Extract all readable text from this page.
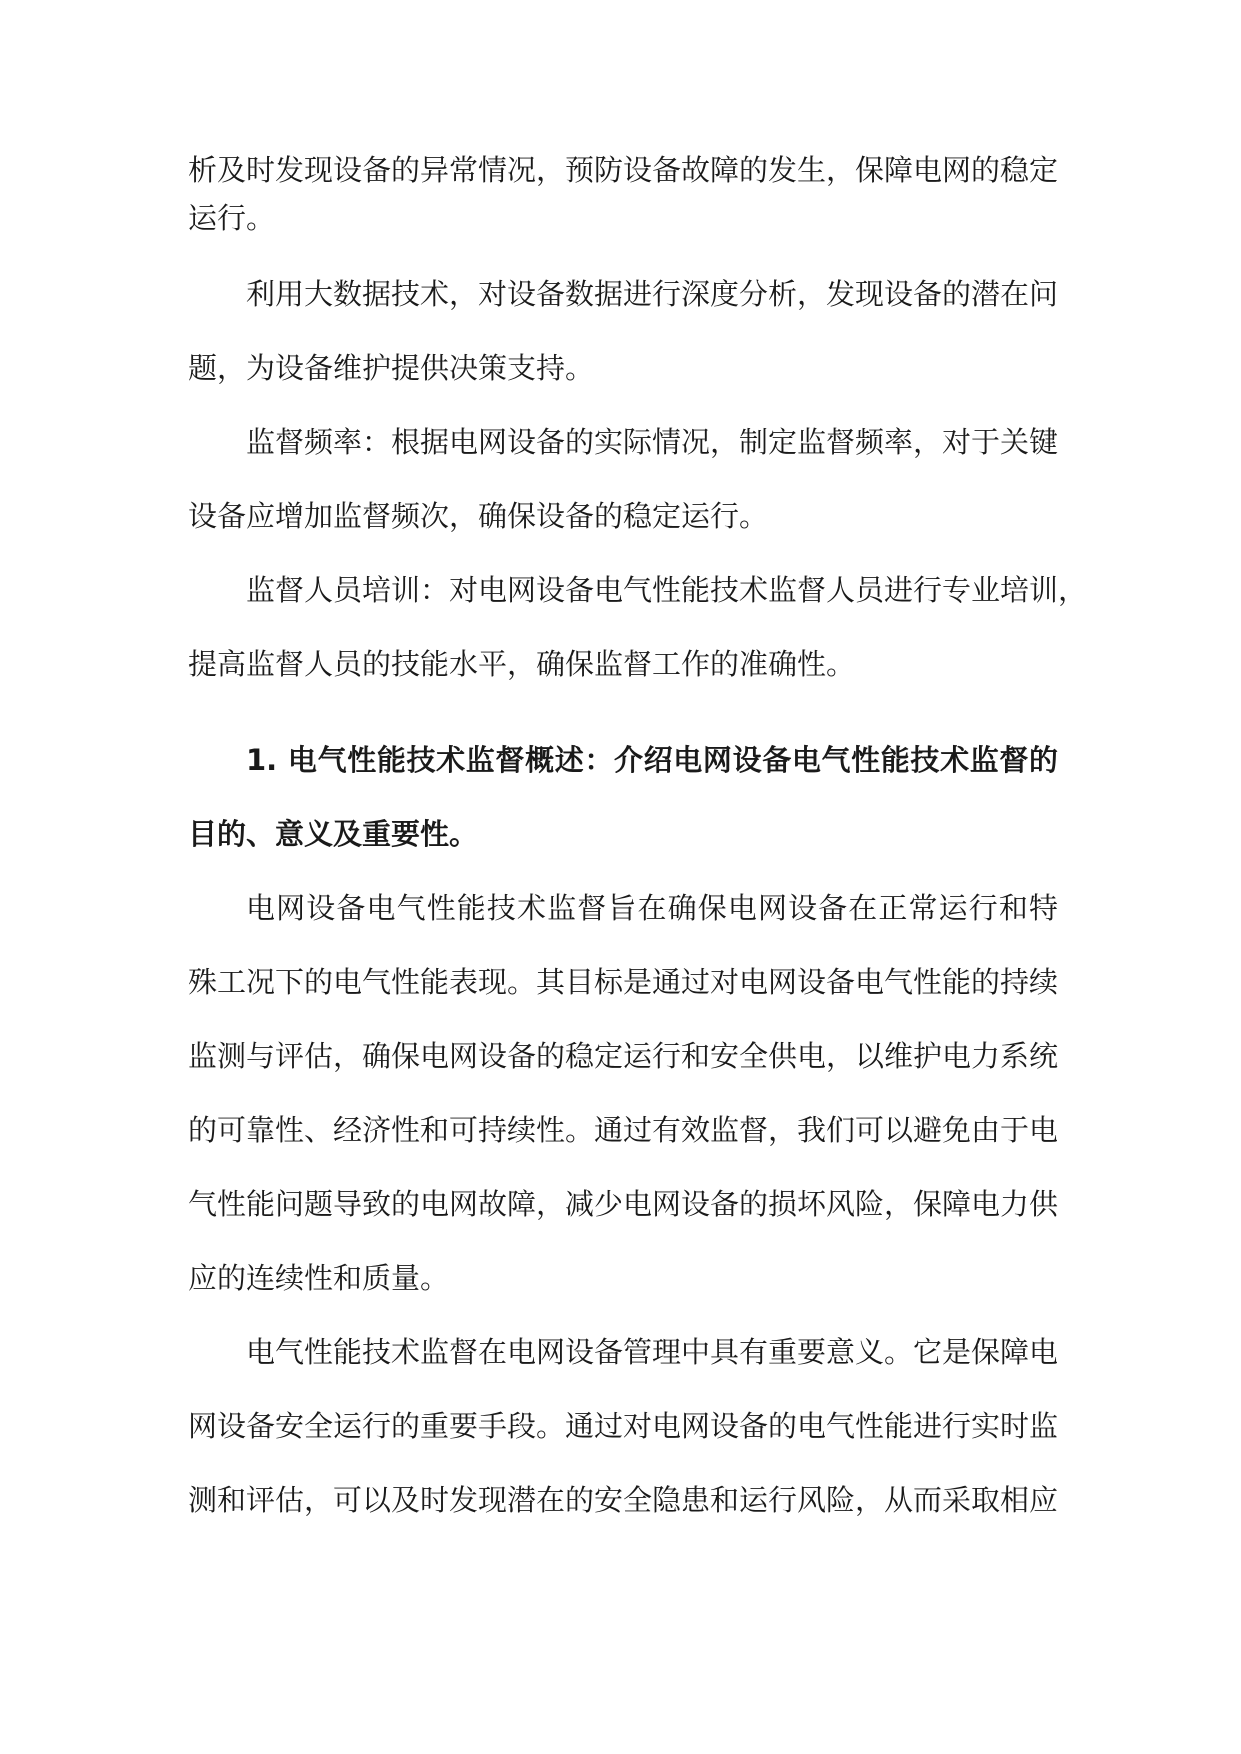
析及时发现设备的异常情况，预防设备故障的发生，保障电网的稳定
运行。
利用大数据技术，对设备数据进行深度分析，发现设备的潜在问
题，为设备维护提供决策支持。
监督频率：根据电网设备的实际情况，制定监督频率，对于关键
设备应增加监督频次，确保设备的稳定运行。
监督人员培训：对电网设备电气性能技术监督人员进行专业培训，
提高监督人员的技能水平，确保监督工作的准确性。
1. 电气性能技术监督概述：介绍电网设备电气性能技术监督的
目的、意义及重要性。
电网设备电气性能技术监督旨在确保电网设备在正常运行和特
殊工况下的电气性能表现。其目标是通过对电网设备电气性能的持续
监测与评估，确保电网设备的稳定运行和安全供电，以维护电力系统
的可靠性、经济性和可持续性。通过有效监督，我们可以避免由于电
气性能问题导致的电网故障，减少电网设备的损坏风险，保障电力供
应的连续性和质量。
电气性能技术监督在电网设备管理中具有重要意义。它是保障电
网设备安全运行的重要手段。通过对电网设备的电气性能进行实时监
测和评估，可以及时发现潜在的安全隐患和运行风险，从而采取相应
